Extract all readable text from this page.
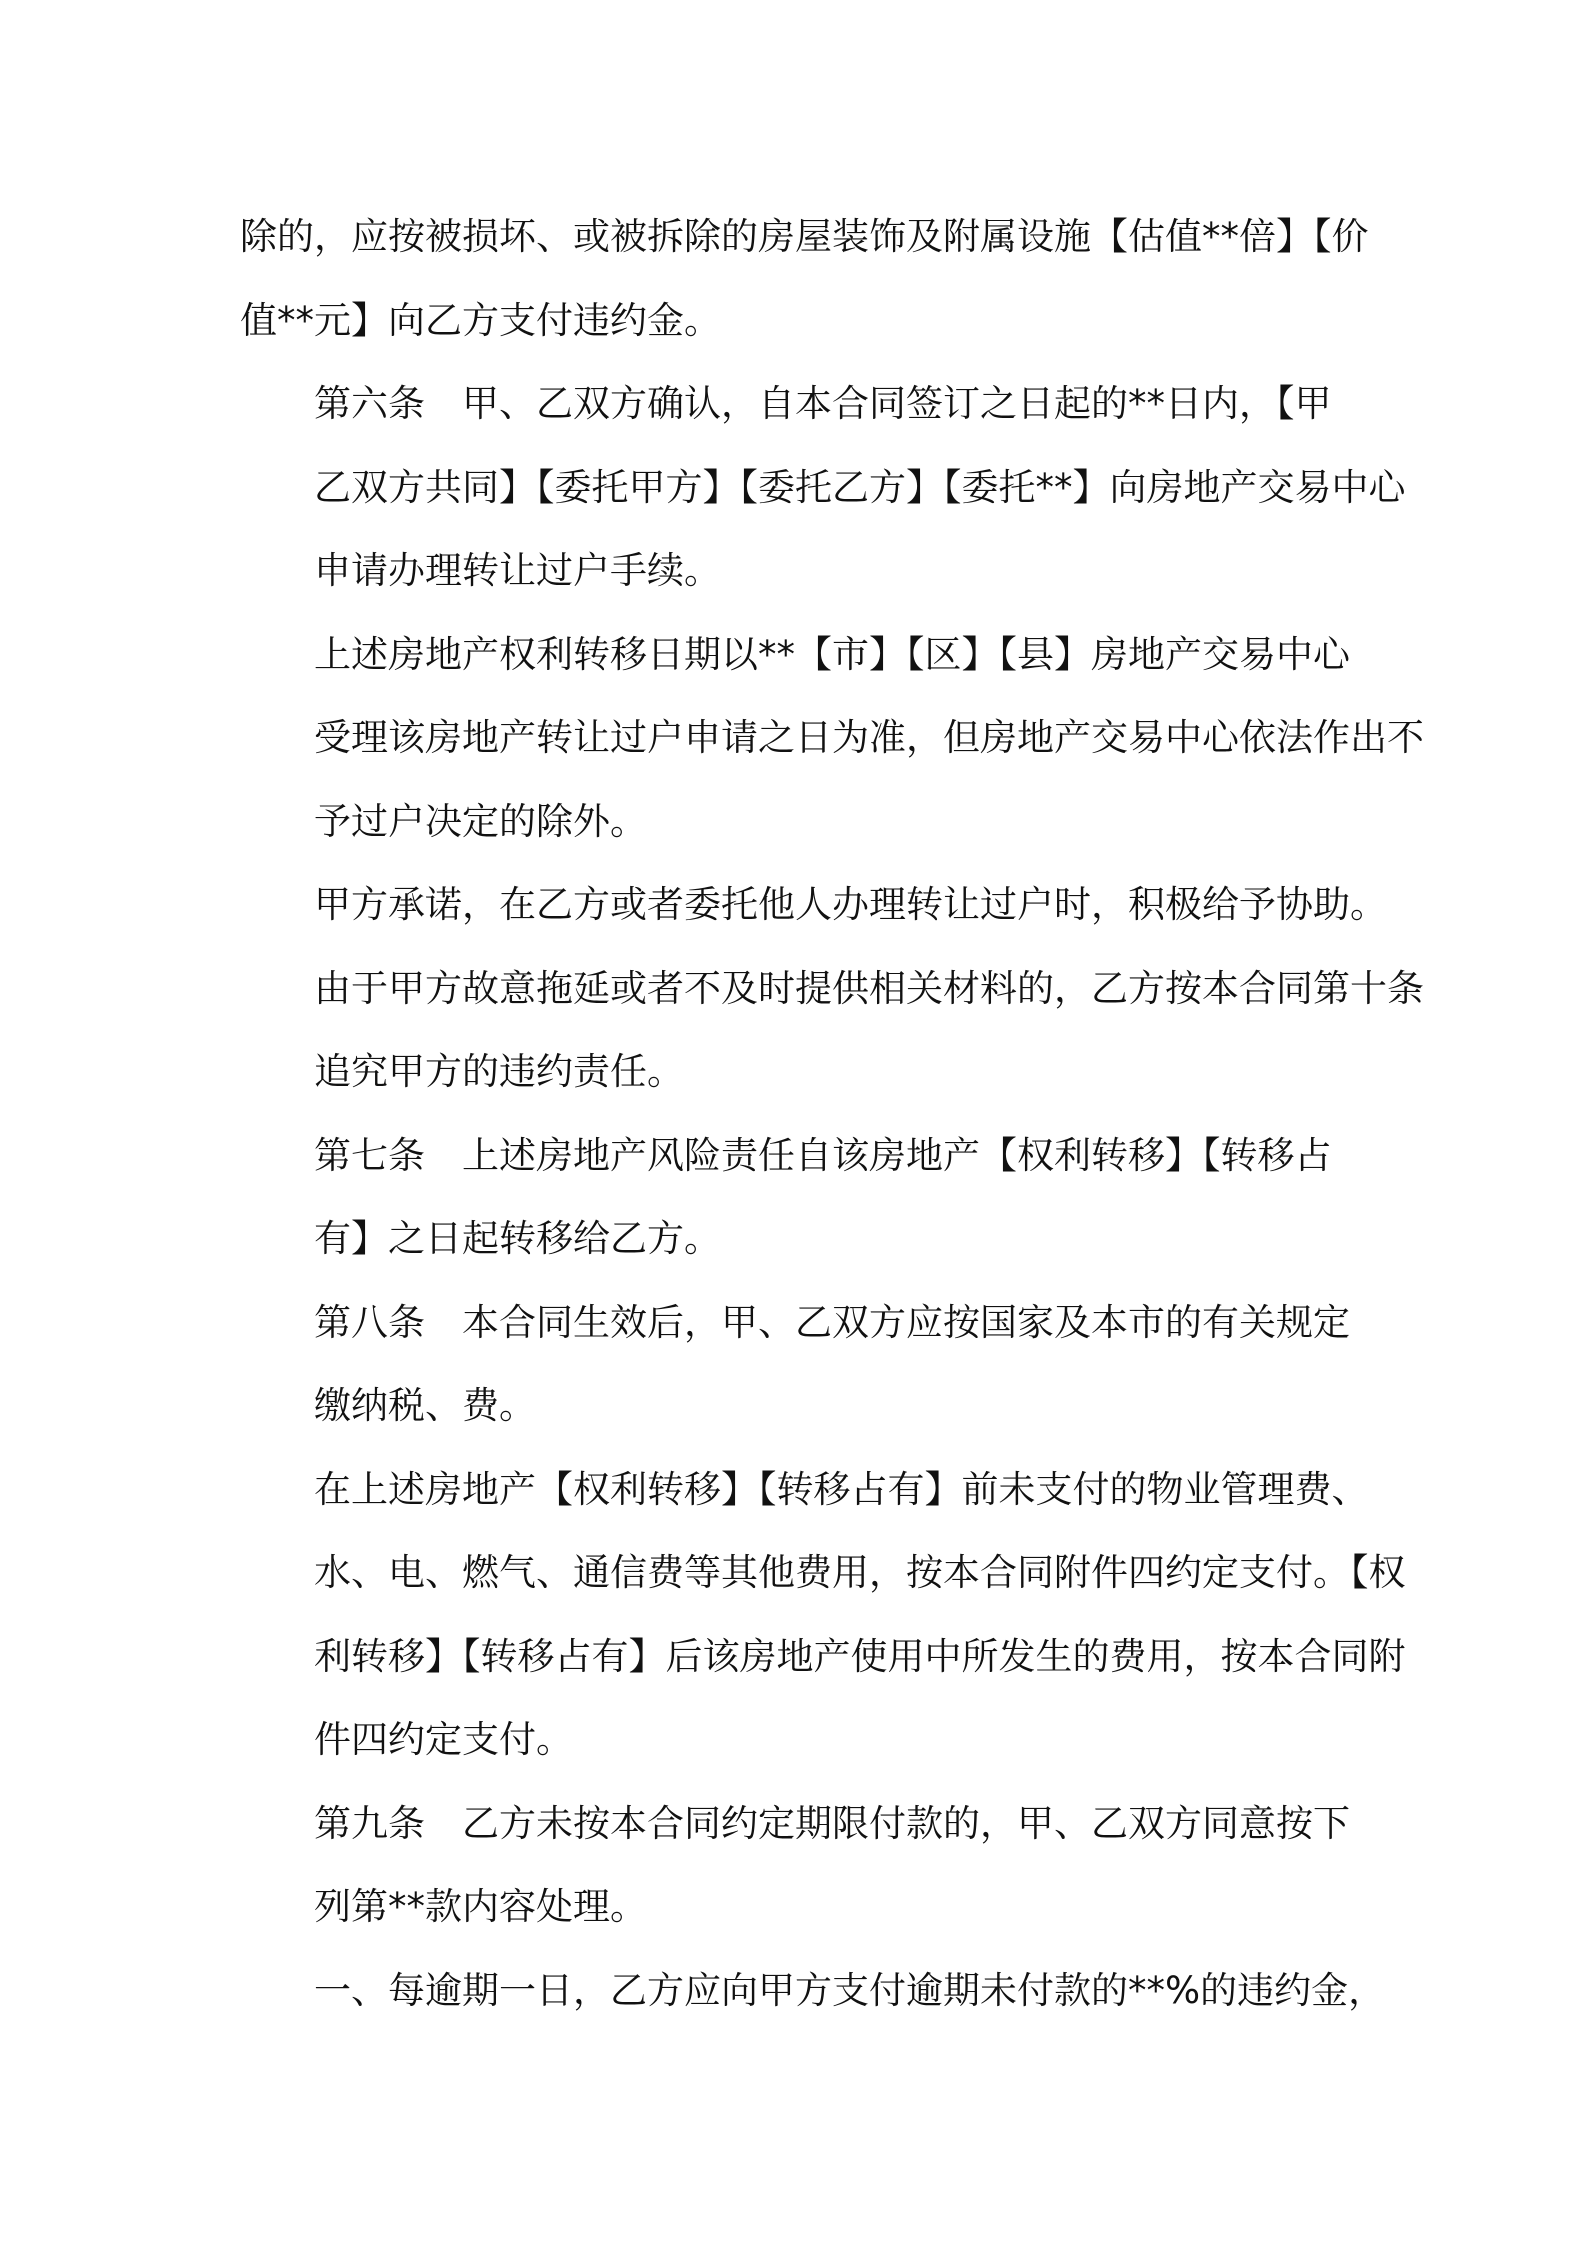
除的，应按被损坏、或被拆除的房屋装饰及附属设施【估值**倍】【价
值**元】向乙方支付违约金。
第六条　甲、乙双方确认，自本合同签订之日起的**日内，【甲
乙双方共同】【委托甲方】【委托乙方】【委托**】向房地产交易中心
申请办理转让过户手续。
上述房地产权利转移日期以**【市】【区】【县】房地产交易中心
受理该房地产转让过户申请之日为准，但房地产交易中心依法作出不
予过户决定的除外。
甲方承诺，在乙方或者委托他人办理转让过户时，积极给予协助。
由于甲方故意拖延或者不及时提供相关材料的，乙方按本合同第十条
追究甲方的违约责任。
第七条　上述房地产风险责任自该房地产【权利转移】【转移占
有】之日起转移给乙方。
第八条　本合同生效后，甲、乙双方应按国家及本市的有关规定
缴纳税、费。
在上述房地产【权利转移】【转移占有】前未支付的物业管理费、
水、电、燃气、通信费等其他费用，按本合同附件四约定支付。【权
利转移】【转移占有】后该房地产使用中所发生的费用，按本合同附
件四约定支付。
第九条　乙方未按本合同约定期限付款的，甲、乙双方同意按下
列第**款内容处理。
一、每逾期一日，乙方应向甲方支付逾期未付款的**%的违约金，
